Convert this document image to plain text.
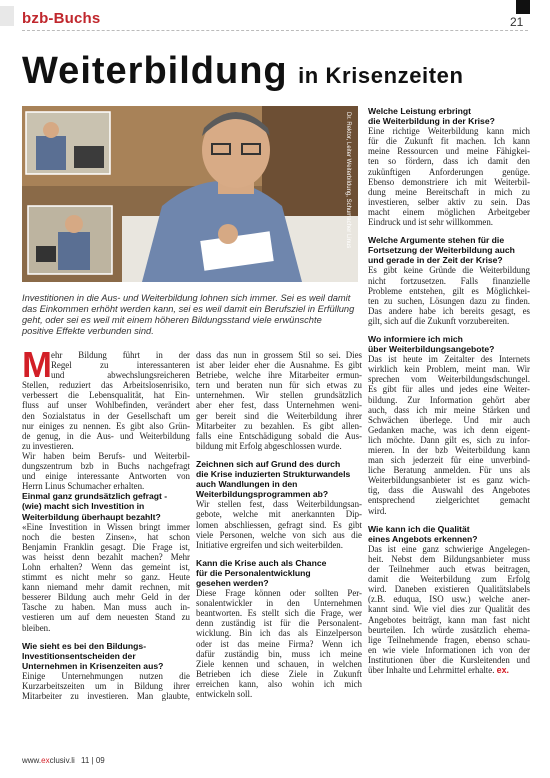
bzb-Buchs	21
Weiterbildung in Krisenzeiten
Dr. Rektor, Leiter Weiterbildung, Schumacher Linus
Investitionen in die Aus- und Weiterbildung lohnen sich immer. Sei es weil damit
das Einkommen erhöht werden kann, sei es weil damit ein Berufsziel in Erfüllung
geht, oder sei es weil mit einem höheren Bildungsstand viele erwünschte
positive Effekte verbunden sind.
M ehr Bildung führt in der
Regel zu interessanteren
und abwechslungsreicheren
Stellen, reduziert das Arbeitslosenrisiko,
verbessert die Lebensqualität, hat Ein-
fluss auf unser Wohlbefinden, verändert
den Sozialstatus in der Gesellschaft um
nur einiges zu nennen. Es gibt also Grün-
de genug, in die Aus- und Weiterbildung
zu investieren.
Wir haben beim Berufs- und Weiterbil-
dungszentrum bzb in Buchs nachgefragt
und einige interessante Antworten von
Herrn Linus Schumacher erhalten.
Einmal ganz grundsätzlich gefragt -
(wie) macht sich Investition in
Weiterbildung überhaupt bezahlt?
«Eine Investition in Wissen bringt immer
noch die besten Zinsen», hat schon
Benjamin Franklin gesagt. Die Frage ist,
was heisst denn bezahlt machen? Mehr
Lohn erhalten? Wenn das gemeint ist,
stimmt es nicht mehr so ganz. Heute
kann niemand mehr damit rechnen, mit
besserer Bildung auch mehr Geld in der
Tasche zu haben. Man muss auch in-
vestieren um auf dem neuesten Stand zu
bleiben.
Wie sieht es bei den Bildungs-
Investitionsentscheiden der
Unternehmen in Krisenzeiten aus?
Einige Unternehmungen nutzen die
Kurzarbeitszeiten um in Bildung ihrer
Mitarbeiter zu investieren. Man glaubte,
dass das nun in grossem Stil so sei. Dies
ist aber leider eher die Ausnahme. Es gibt
Betriebe, welche ihre Mitarbeiter ermun-
tern und beraten nun für sich etwas zu
unternehmen. Wir stellen grundsätzlich
aber eher fest, dass Unternehmen weni-
ger bereit sind die Weiterbildung ihrer
Mitarbeiter zu bezahlen. Es gibt allen-
falls eine Entschädigung sobald die Aus-
bildung mit Erfolg abgeschlossen wurde.
Zeichnen sich auf Grund des durch
die Krise induzierten Strukturwandels
auch Wandlungen in den
Weiterbildungsprogrammen ab?
Wir stellen fest, dass Weiterbildungsan-
gebote, welche mit anerkannten Dip-
lomen abschliessen, gefragt sind. Es gibt
viele Personen, welche von sich aus die
Initiative ergreifen und sich weiterbilden.
Kann die Krise auch als Chance
für die Personalentwicklung
gesehen werden?
Diese Frage können oder sollten Per-
sonalentwickler in den Unternehmen
beantworten. Es stellt sich die Frage, wer
denn zuständig ist für die Personalent-
wicklung. Bin ich das als Einzelperson
oder ist das meine Firma? Wenn ich
dafür zuständig bin, muss ich meine
Ziele kennen und schauen, in welchen
Betrieben ich diese Ziele in Zukunft
erreichen kann, also wohin ich mich
entwickeln soll.
Welche Leistung erbringt
die Weiterbildung in der Krise?
Eine richtige Weiterbildung kann mich
für die Zukunft fit machen. Ich kann
meine Ressourcen und meine Fähigkei-
ten so fördern, dass ich damit den
zukünftigen Anforderungen genüge.
Ebenso demonstriere ich mit Weiterbil-
dung meine Bereitschaft in mich zu
investieren, selber aktiv zu sein. Das
macht einem möglichen Arbeitgeber
Eindruck und ist sehr willkommen.
Welche Argumente stehen für die
Fortsetzung der Weiterbildung auch
und gerade in der Zeit der Krise?
Es gibt keine Gründe die Weiterbildung
nicht fortzusetzen. Falls finanzielle
Probleme entstehen, gilt es Möglichkei-
ten zu suchen, Lösungen dazu zu finden.
Das andere habe ich bereits gesagt, es
gilt, sich auf die Zukunft vorzubereiten.
Wo informiere ich mich
über Weiterbildungsangebote?
Das ist heute im Zeitalter des Internets
wirklich kein Problem, meint man. Wir
sprechen vom Weiterbildungsdschungel.
Es gibt für alles und jedes eine Weiter-
bildung. Zur Information gehört aber
auch, dass ich mir meine Stärken und
Schwächen überlege. Und mir auch
Gedanken mache, was ich denn eigent-
lich möchte. Dann gilt es, sich zu infor-
mieren. In der bzb Weiterbildung kann
man sich jederzeit für eine unverbind-
liche Beratung anmelden. Für uns als
Weiterbildungsanbieter ist es ganz wich-
tig, dass die Auswahl des Angebotes
entsprechend zielgerichtet gemacht
wird.
Wie kann ich die Qualität
eines Angebots erkennen?
Das ist eine ganz schwierige Angelegen-
heit. Nebst dem Bildungsanbieter muss
der Teilnehmer auch etwas beitragen,
damit die Weiterbildung zum Erfolg
wird. Daneben existieren Qualitätslabels
(z.B. eduqua, ISO usw.) welche aner-
kannt sind. Wie viel dies zur Qualität des
Angebotes beiträgt, kann man fast nicht
beurteilen. Ich würde zusätzlich ehema-
lige Teilnehmende fragen, ebenso schau-
en wie viele Informationen ich von der
Institutionen über die Kursleitenden und
über Inhalte und Lehrmittel erhalte. ex.
www.exclusiv.li 11 | 09
